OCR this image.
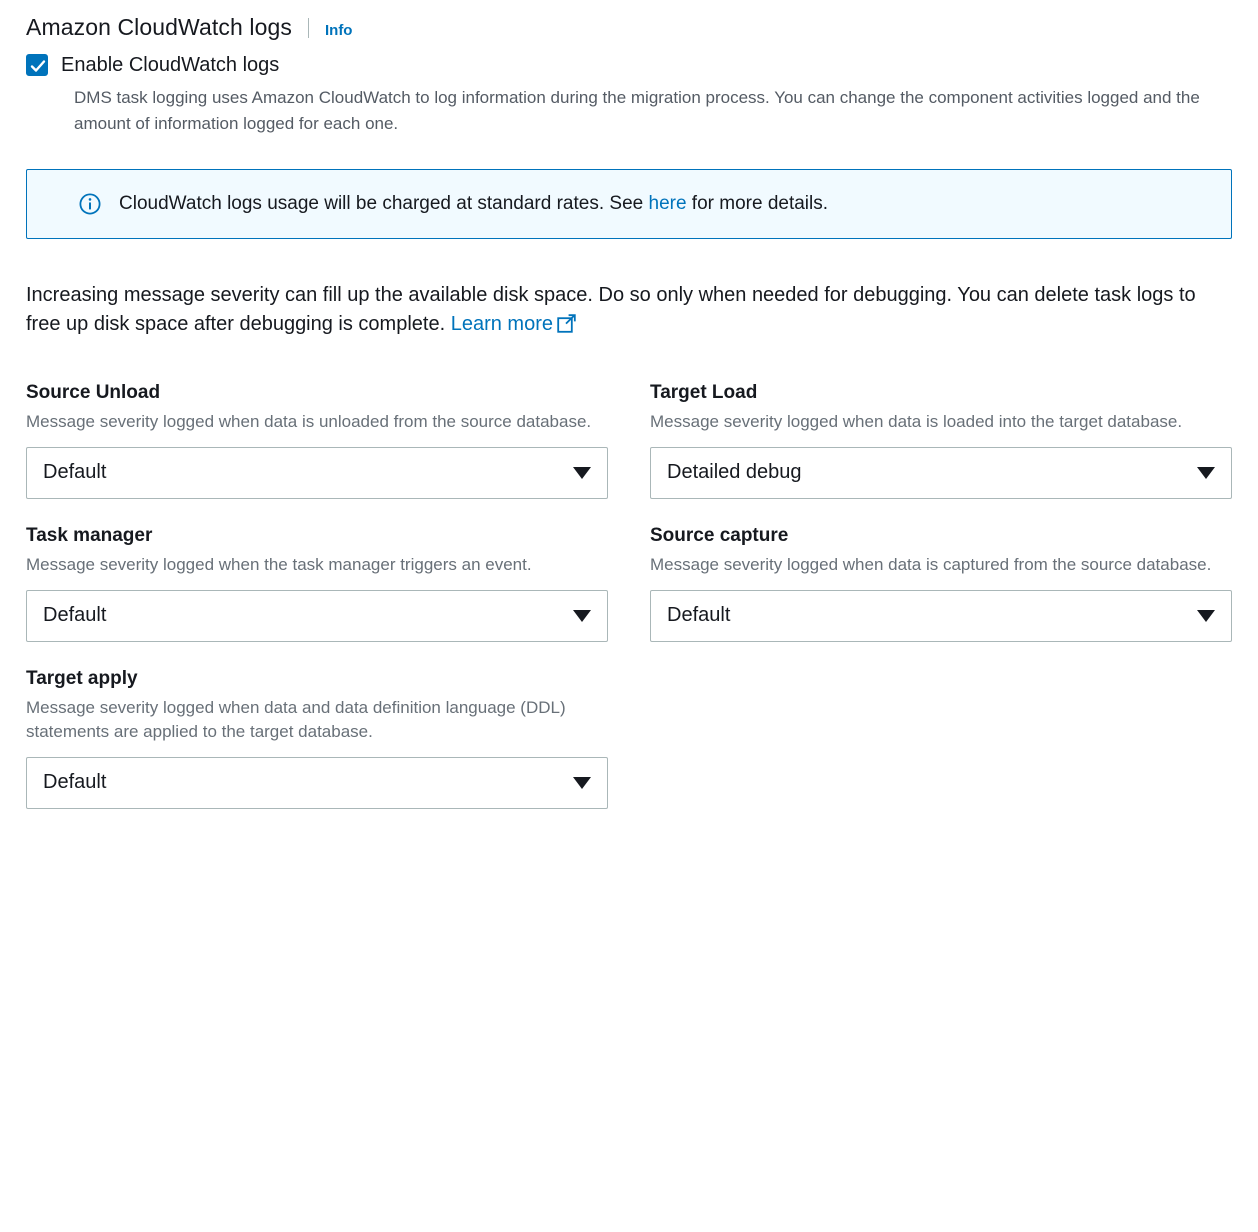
Amazon CloudWatch logs Info
Enable CloudWatch logs
DMS task logging uses Amazon CloudWatch to log information during the migration process. You can change the component activities logged and the amount of information logged for each one.
CloudWatch logs usage will be charged at standard rates. See here for more details.

Increasing message severity can fill up the available disk space. Do so only when needed for debugging. You can delete task logs to free up disk space after debugging is complete. Learn more

Source Unload
Message severity logged when data is unloaded from the source database.
Default
Target Load
Message severity logged when data is loaded into the target database.
Detailed debug
Task manager
Message severity logged when the task manager triggers an event.
Default
Source capture
Message severity logged when data is captured from the source database.
Default
Target apply
Message severity logged when data and data definition language (DDL) statements are applied to the target database.
Default
